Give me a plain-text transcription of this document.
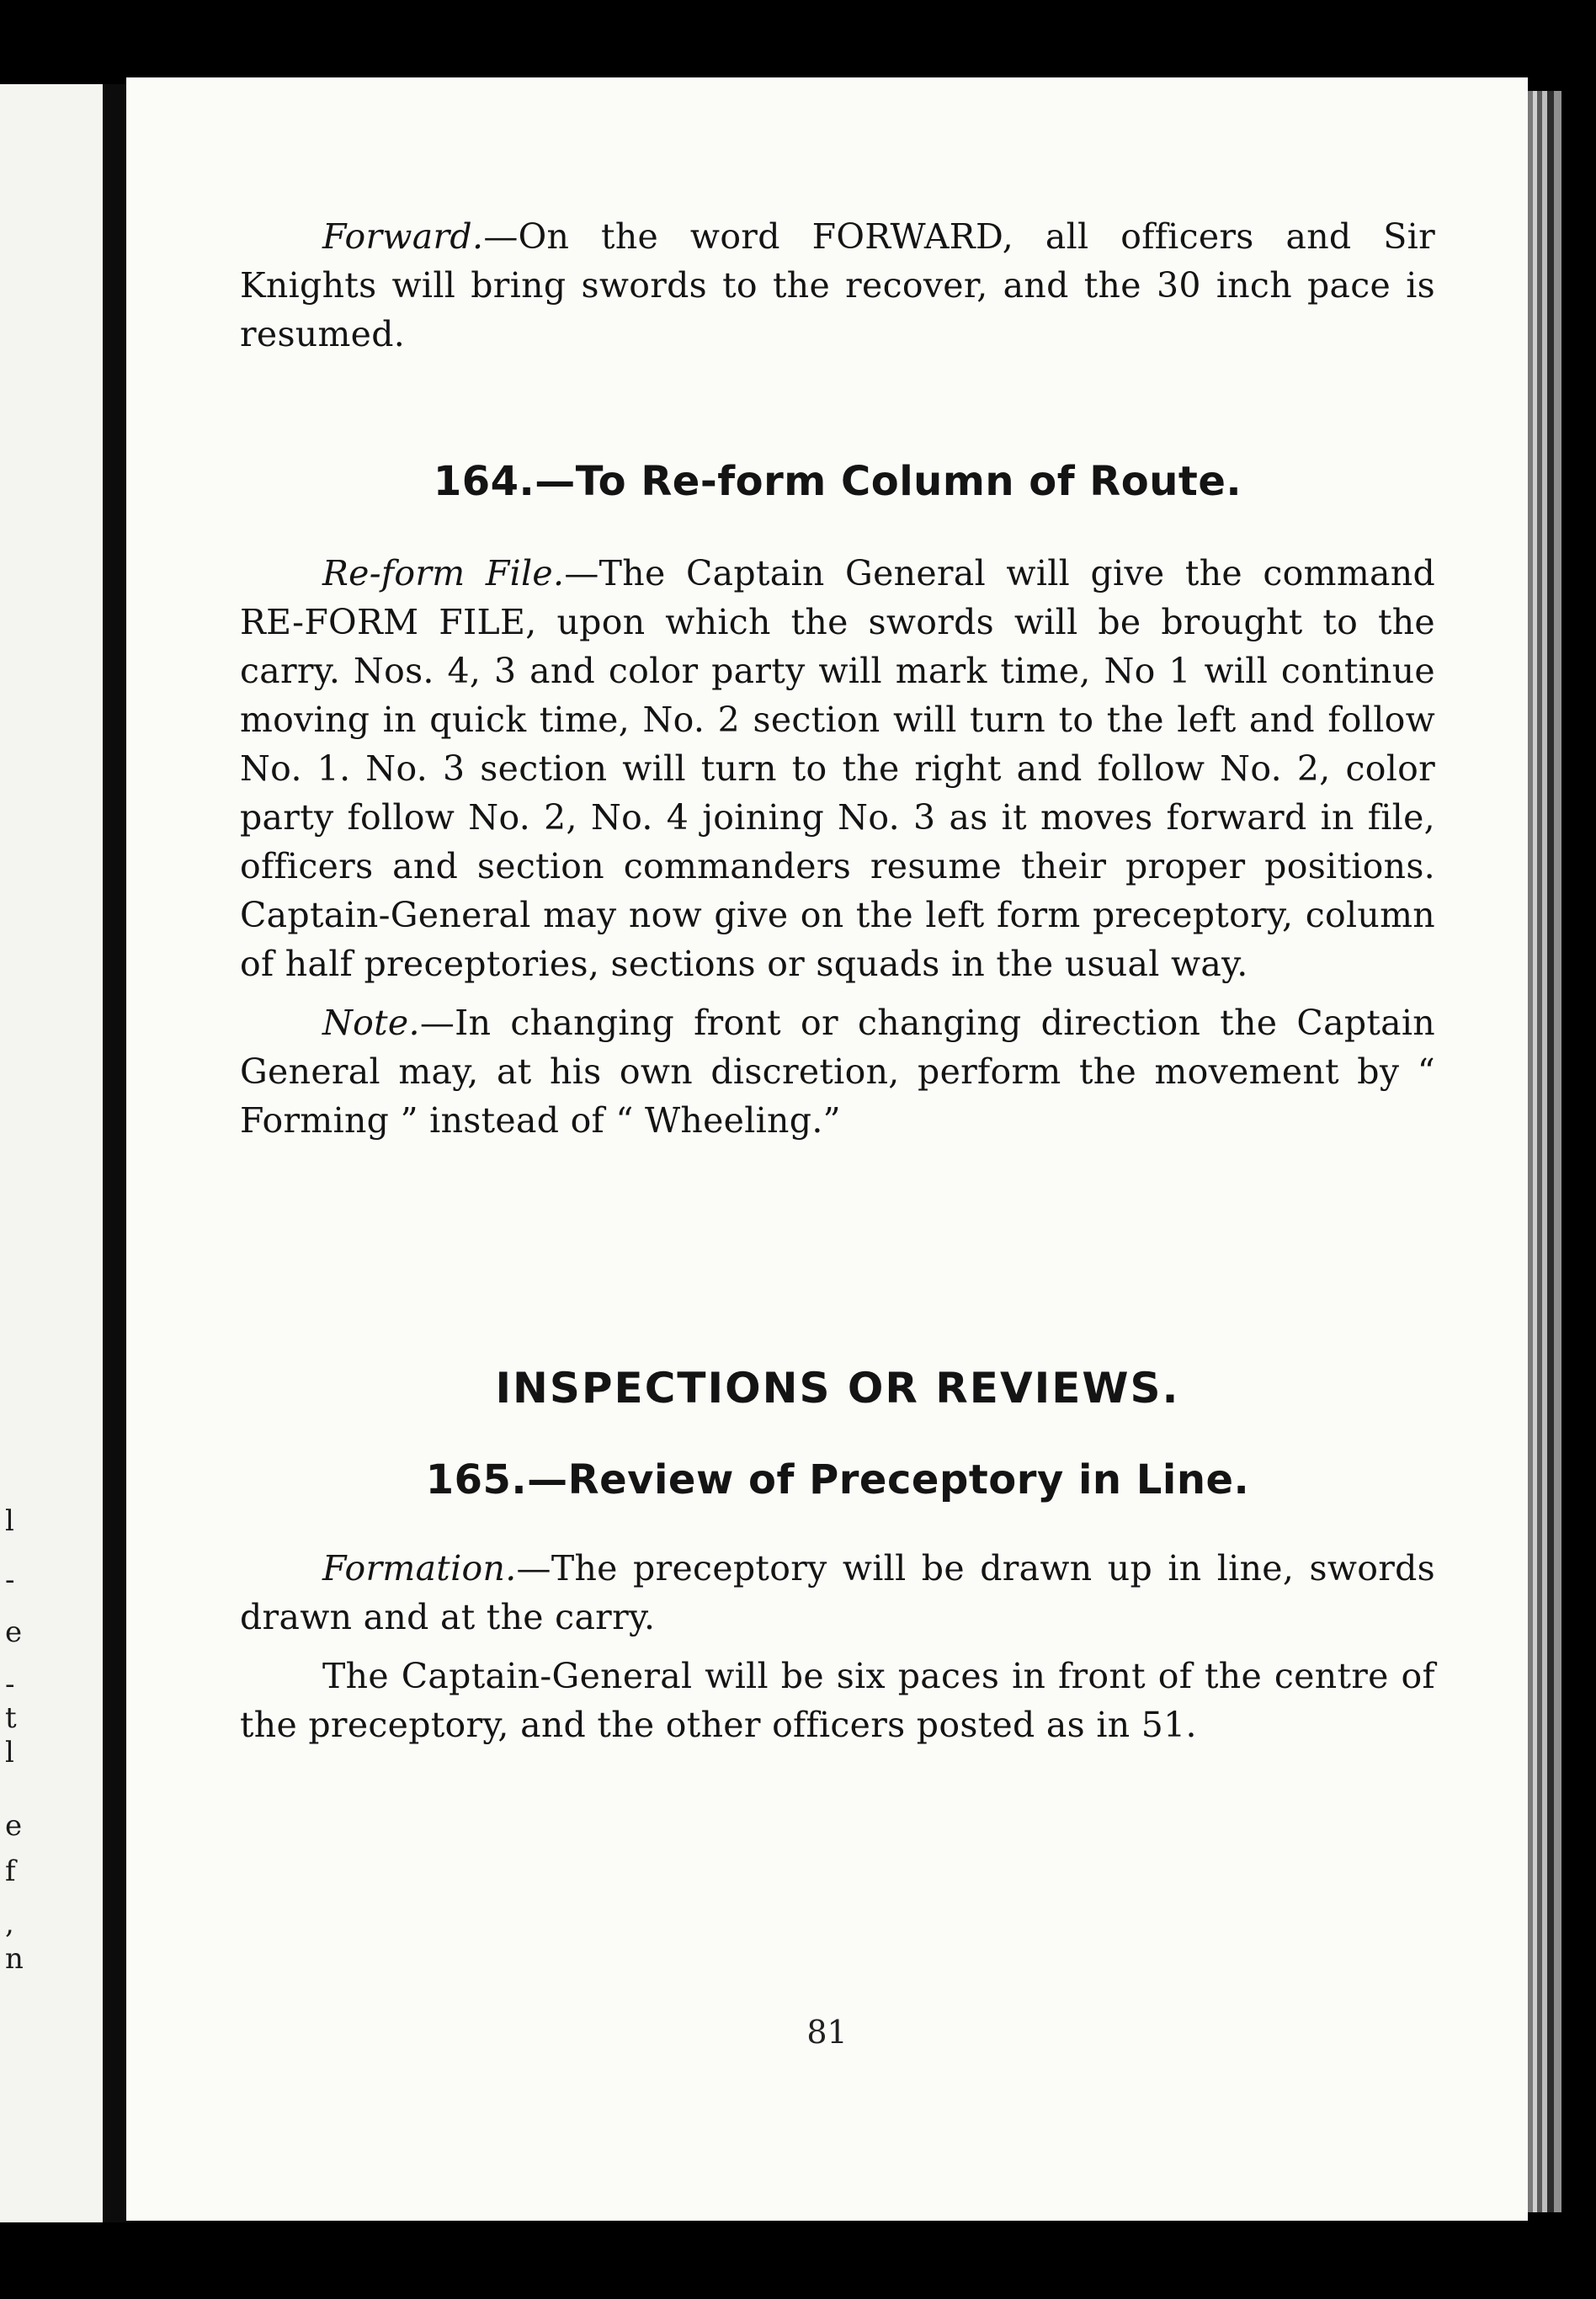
l
-
e
-
t
l
e
f
,
n

Forward.—On the word FORWARD, all officers and Sir Knights will bring swords to the recover, and the 30 inch pace is resumed.

164.—To Re-form Column of Route.

Re-form File.—The Captain General will give the command RE-FORM FILE, upon which the swords will be brought to the carry. Nos. 4, 3 and color party will mark time, No 1 will continue moving in quick time, No. 2 section will turn to the left and follow No. 1. No. 3 section will turn to the right and follow No. 2, color party follow No. 2, No. 4 joining No. 3 as it moves forward in file, officers and section commanders resume their proper positions. Captain-General may now give on the left form preceptory, column of half preceptories, sections or squads in the usual way.

Note.—In changing front or changing direction the Captain General may, at his own discretion, perform the movement by “ Forming ” instead of “ Wheeling.”

INSPECTIONS OR REVIEWS.
165.—Review of Preceptory in Line.

Formation.—The preceptory will be drawn up in line, swords drawn and at the carry.

The Captain-General will be six paces in front of the centre of the preceptory, and the other officers posted as in 51.

81
